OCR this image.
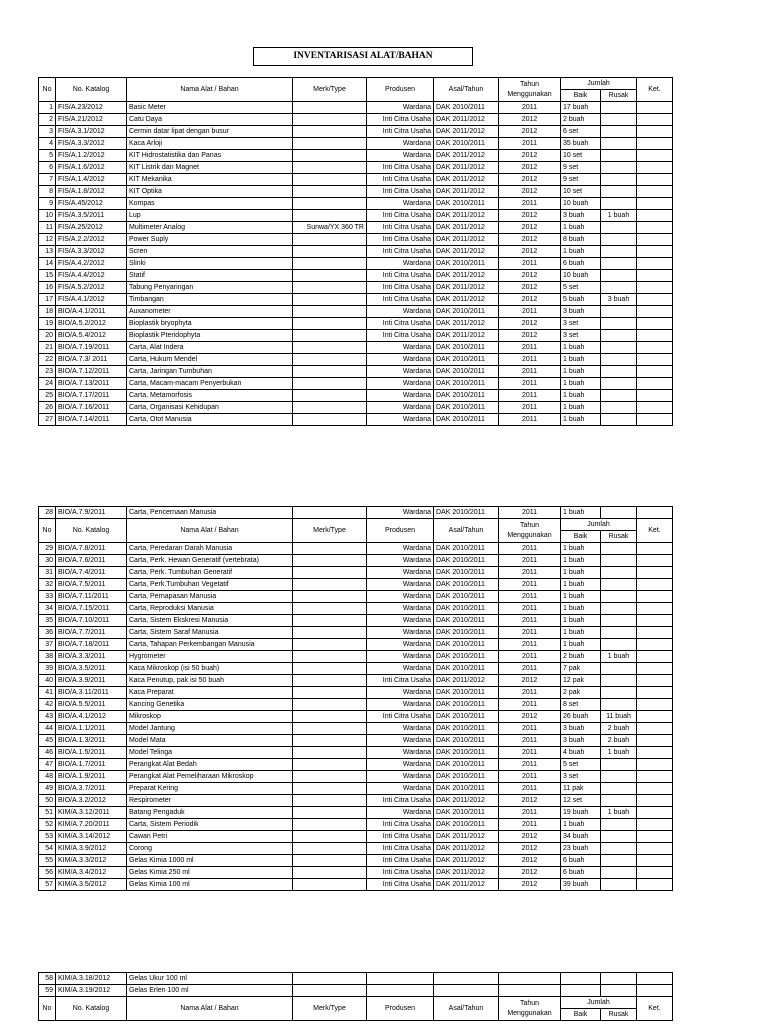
INVENTARISASI ALAT/BAHAN
No	No. Katalog	Nama Alat / Bahan	Merk/Type	Produsen	Asal/Tahun	Tahun Menggunakan	Jumlah		Ket.
							Baik	Rusak	
1	FIS/A.23/2012	Basic Meter		Wardana	DAK 2010/2011	2011	17 buah		
2	FIS/A.21/2012	Catu Daya		Inti Citra Usaha	DAK 2011/2012	2012	2 buah		
3	FIS/A.3.1/2012	Cermin datar lipat dengan busur		Inti Citra Usaha	DAK 2011/2012	2012	6 set		
4	FIS/A.3.3/2012	Kaca Arloji		Wardana	DAK 2010/2011	2011	35 buah		
5	FIS/A.1.2/2012	KIT Hidrostatistika dan Panas		Wardana	DAK 2011/2012	2012	10 set		
6	FIS/A.1.6/2012	KIT Listrik dan Magnet		Inti Citra Usaha	DAK 2011/2012	2012	9 set		
7	FIS/A.1.4/2012	KIT Mekanika		Inti Citra Usaha	DAK 2011/2012	2012	9 set		
8	FIS/A.1.8/2012	KIT Optika		Inti Citra Usaha	DAK 2011/2012	2012	10 set		
9	FIS/A.45/2012	Kompas		Wardana	DAK 2010/2011	2011	10 buah		
10	FIS/A.3.5/2011	Lup		Inti Citra Usaha	DAK 2011/2012	2012	3 buah	1 buah	
11	FIS/A.25/2012	Multimeter Analog	Sunwa/YX 360 TR	Inti Citra Usaha	DAK 2011/2012	2012	1 buah		
12	FIS/A.2.2/2012	Power Suply		Inti Citra Usaha	DAK 2011/2012	2012	8 buah		
13	FIS/A.3.3/2012	Scren		Inti Citra Usaha	DAK 2011/2012	2012	1 buah		
14	FIS/A.4.2/2012	Slinki		Wardana	DAK 2010/2011	2011	6 buah		
15	FIS/A.4.4/2012	Statif		Inti Citra Usaha	DAK 2011/2012	2012	10 buah		
16	FIS/A.5.2/2012	Tabung Penyaringan		Inti Citra Usaha	DAK 2011/2012	2012	5 set		
17	FIS/A.4.1/2012	Timbangan		Inti Citra Usaha	DAK 2011/2012	2012	5 buah	3 buah	
18	BIO/A.4.1/2011	Auxanometer		Wardana	DAK 2010/2011	2011	3 buah		
19	BIO/A.5.2/2012	Bioplastik bryophyta		Inti Citra Usaha	DAK 2011/2012	2012	3 set		
20	BIO/A.5.4/2012	Bioplastik Pteridophyta		Inti Citra Usaha	DAK 2011/2012	2012	3 set		
21	BIO/A.7.19/2011	Carta, Alat Indera		Wardana	DAK 2010/2011	2011	1 buah		
22	BIO/A.7.3/ 2011	Carta, Hukum Mendel		Wardana	DAK 2010/2011	2011	1 buah		
23	BIO/A.7.12/2011	Carta, Jaringan Tumbuhan		Wardana	DAK 2010/2011	2011	1 buah		
24	BIO/A.7.13/2011	Carta, Macam-macam Penyerbukan		Wardana	DAK 2010/2011	2011	1 buah		
25	BIO/A.7.17/2011	Carta, Metamorfosis		Wardana	DAK 2010/2011	2011	1 buah		
26	BIO/A.7.16/2011	Carta, Organisasi Kehidupan		Wardana	DAK 2010/2011	2011	1 buah		
27	BIO/A.7.14/2011	Carta, Otot Manusia		Wardana	DAK 2010/2011	2011	1 buah		
28	BIO/A.7.9/2011	Carta, Pencernaan Manusia		Wardana	DAK 2010/2011	2011	1 buah		
No	No. Katalog	Nama Alat / Bahan	Merk/Type	Produsen	Asal/Tahun	Tahun Menggunakan	Jumlah		Ket.
							Baik	Rusak	
29	BIO/A.7.8/2011	Carta, Peredaran Darah Manusia		Wardana	DAK 2010/2011	2011	1 buah		
30	BIO/A.7.6/2011	Carta, Perk. Hewan Generatif (vertebrata)		Wardana	DAK 2010/2011	2011	1 buah		
31	BIO/A.7.4/2011	Carta, Perk. Tumbuhan Generatif		Wardana	DAK 2010/2011	2011	1 buah		
32	BIO/A.7.5/2011	Carta, Perk.Tumbuhan Vegetatif		Wardana	DAK 2010/2011	2011	1 buah		
33	BIO/A.7.11/2011	Carta, Pernapasan Manusia		Wardana	DAK 2010/2011	2011	1 buah		
34	BIO/A.7.15/2011	Carta, Reproduksi Manusia		Wardana	DAK 2010/2011	2011	1 buah		
35	BIO/A.7.10/2011	Carta, Sistem Ekskresi Manusia		Wardana	DAK 2010/2011	2011	1 buah		
36	BIO/A.7.7/2011	Carta, Sistem Saraf Manusia		Wardana	DAK 2010/2011	2011	1 buah		
37	BIO/A.7.18/2011	Carta, Tahapan Perkembangan Manusia		Wardana	DAK 2010/2011	2011	1 buah		
38	BIO/A.3.3/2011	Hygrometer		Wardana	DAK 2010/2011	2011	2 buah	1 buah	
39	BIO/A.3.5/2011	Kaca Mikroskop (isi 50 buah)		Wardana	DAK 2010/2011	2011	7 pak		
40	BIO/A.3.9/2011	Kaca Penutup, pak isi 50 buah		Inti Citra Usaha	DAK 2011/2012	2012	12 pak		
41	BIO/A.3.11/2011	Kaca Preparat		Wardana	DAK 2010/2011	2011	2 pak		
42	BIO/A.5.5/2011	Kancing Genetika		Wardana	DAK 2010/2011	2011	8 set		
43	BIO/A.4.1/2012	Mikroskop		Inti Citra Usaha	DAK 2010/2011	2012	26 buah	11 buah	
44	BIO/A.1.1/2011	Model Jantung		Wardana	DAK 2010/2011	2011	3 buah	2 buah	
45	BIO/A.1.3/2011	Model Mata		Wardana	DAK 2010/2011	2011	3 buah	2 buah	
46	BIO/A.1.5/2011	Model Telinga		Wardana	DAK 2010/2011	2011	4 buah	1 buah	
47	BIO/A.1.7/2011	Perangkat Alat Bedah		Wardana	DAK 2010/2011	2011	5 set		
48	BIO/A.1.9/2011	Perangkat Alat Pemeliharaan Mikroskop		Wardana	DAK 2010/2011	2011	3 set		
49	BIO/A.3.7/2011	Preparat Kering		Wardana	DAK 2010/2011	2011	11 pak		
50	BIO/A.3.2/2012	Respirometer		Inti Citra Usaha	DAK 2011/2012	2012	12 set		
51	KIM/A.3.12/2011	Batang Pengaduk		Wardana	DAK 2010/2011	2011	19 buah	1 buah	
52	KIM/A.7.20/2011	Carta, Sistem Periodik		Inti Citra Usaha	DAK 2010/2011	2011	1 buah		
53	KIM/A.3.14/2012	Cawan Petri		Inti Citra Usaha	DAK 2011/2012	2012	34 buah		
54	KIM/A.3.9/2012	Corong		Inti Citra Usaha	DAK 2011/2012	2012	23 buah		
55	KIM/A.3.3/2012	Gelas Kimia 1000 ml		Inti Citra Usaha	DAK 2011/2012	2012	6 buah		
56	KIM/A.3.4/2012	Gelas Kimia 250 ml		Inti Citra Usaha	DAK 2011/2012	2012	6 buah		
57	KIM/A.3.5/2012	Gelas Kimia 100 ml		Inti Citra Usaha	DAK 2011/2012	2012	39 buah		
58	KIM/A.3.18/2012	Gelas Ukur 100 ml							
59	KIM/A.3.19/2012	Gelas Erlen 100 ml							
No	No. Katalog	Nama Alat / Bahan	Merk/Type	Produsen	Asal/Tahun	Tahun Menggunakan	Jumlah		Ket.
							Baik	Rusak	
